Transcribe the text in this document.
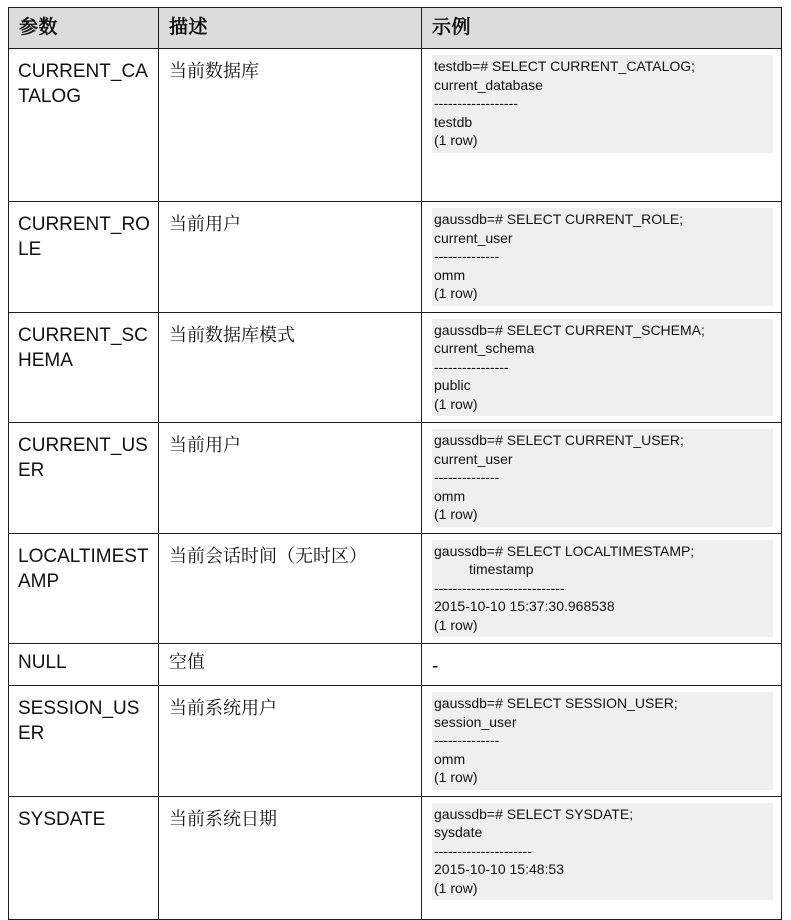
参数	描述	示例
CURRENT_CATALOG	当前数据库	testdb=# SELECT CURRENT_CATALOG;
current_database
------------------
testdb
(1 row)

CURRENT_ROLE	当前用户	gaussdb=# SELECT CURRENT_ROLE;
current_user
--------------
omm
(1 row)

CURRENT_SCHEMA	当前数据库模式	gaussdb=# SELECT CURRENT_SCHEMA;
current_schema
----------------
public
(1 row)

CURRENT_USER	当前用户	gaussdb=# SELECT CURRENT_USER;
current_user
--------------
omm
(1 row)

LOCALTIMESTAMP	当前会话时间（无时区）	gaussdb=# SELECT LOCALTIMESTAMP;
timestamp
----------------------------
2015-10-10 15:37:30.968538
(1 row)

NULL	空值	-

SESSION_USER	当前系统用户	gaussdb=# SELECT SESSION_USER;
session_user
--------------
omm
(1 row)

SYSDATE	当前系统日期	gaussdb=# SELECT SYSDATE;
sysdate
---------------------
2015-10-10 15:48:53
(1 row)
